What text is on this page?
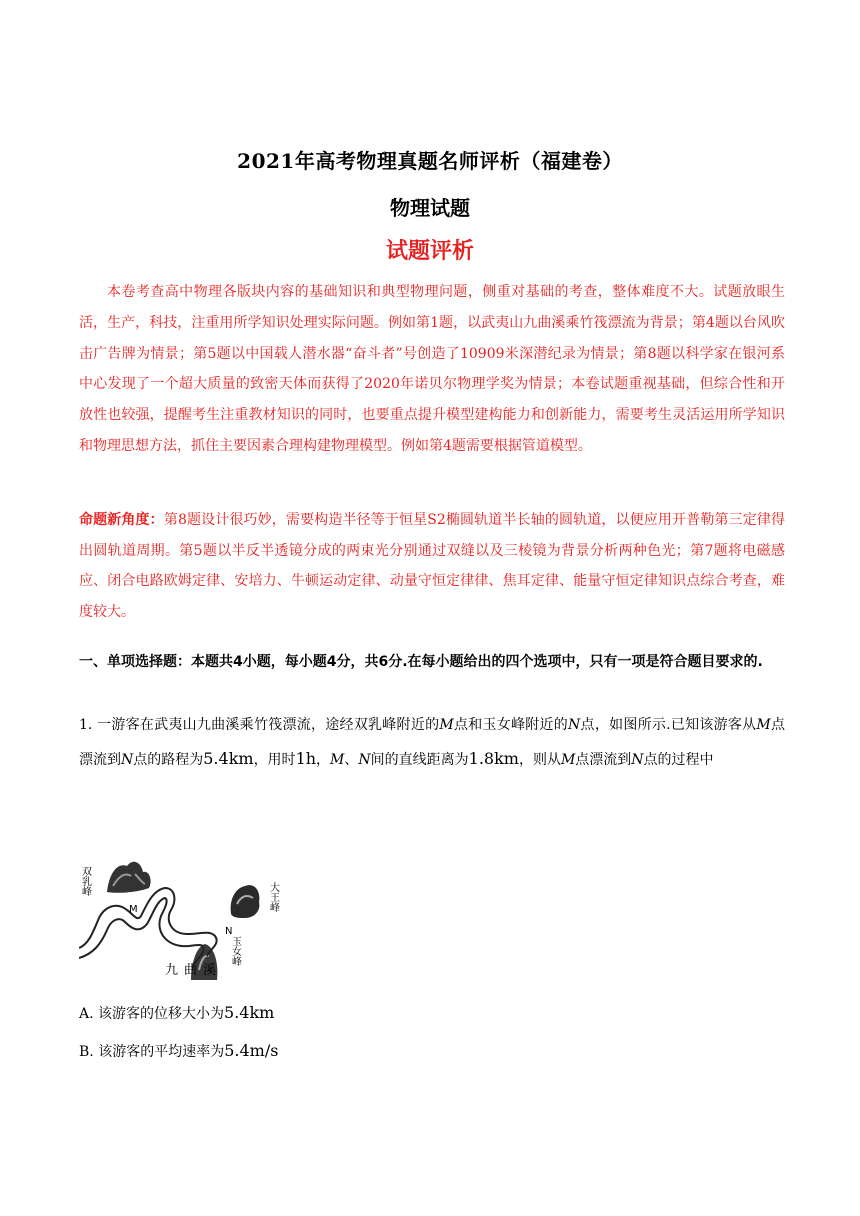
2021年高考物理真题名师评析（福建卷）
物理试题
试题评析

本卷考查高中物理各版块内容的基础知识和典型物理问题，侧重对基础的考查，整体难度不大。试题放眼生活，生产，科技，注重用所学知识处理实际问题。例如第1题，以武夷山九曲溪乘竹筏漂流为背景；第4题以台风吹击广告牌为情景；第5题以中国载人潜水器“奋斗者”号创造了10909米深潜纪录为情景；第8题以科学家在银河系中心发现了一个超大质量的致密天体而获得了2020年诺贝尔物理学奖为情景；本卷试题重视基础，但综合性和开放性也较强，提醒考生注重教材知识的同时，也要重点提升模型建构能力和创新能力，需要考生灵活运用所学知识和物理思想方法，抓住主要因素合理构建物理模型。例如第4题需要根据管道模型。

命题新角度：第8题设计很巧妙，需要构造半径等于恒星S2椭圆轨道半长轴的圆轨道，以便应用开普勒第三定律得出圆轨道周期。第5题以半反半透镜分成的两束光分别通过双缝以及三棱镜为背景分析两种色光；第7题将电磁感应、闭合电路欧姆定律、安培力、牛顿运动定律、动量守恒定律律、焦耳定律、能量守恒定律知识点综合考查，难度较大。
一、单项选择题：本题共4小题，每小题4分，共6分.在每小题给出的四个选项中，只有一项是符合题目要求的.
1. 一游客在武夷山九曲溪乘竹筏漂流，途经双乳峰附近的M点和玉女峰附近的N点，如图所示.已知该游客从M点漂流到N点的路程为5.4km，用时1h，M、N间的直线距离为1.8km，则从M点漂流到N点的过程中
双乳峰
大王峰
玉女峰
九曲溪
M
N
A. 该游客的位移大小为5.4km
B. 该游客的平均速率为5.4m/s
